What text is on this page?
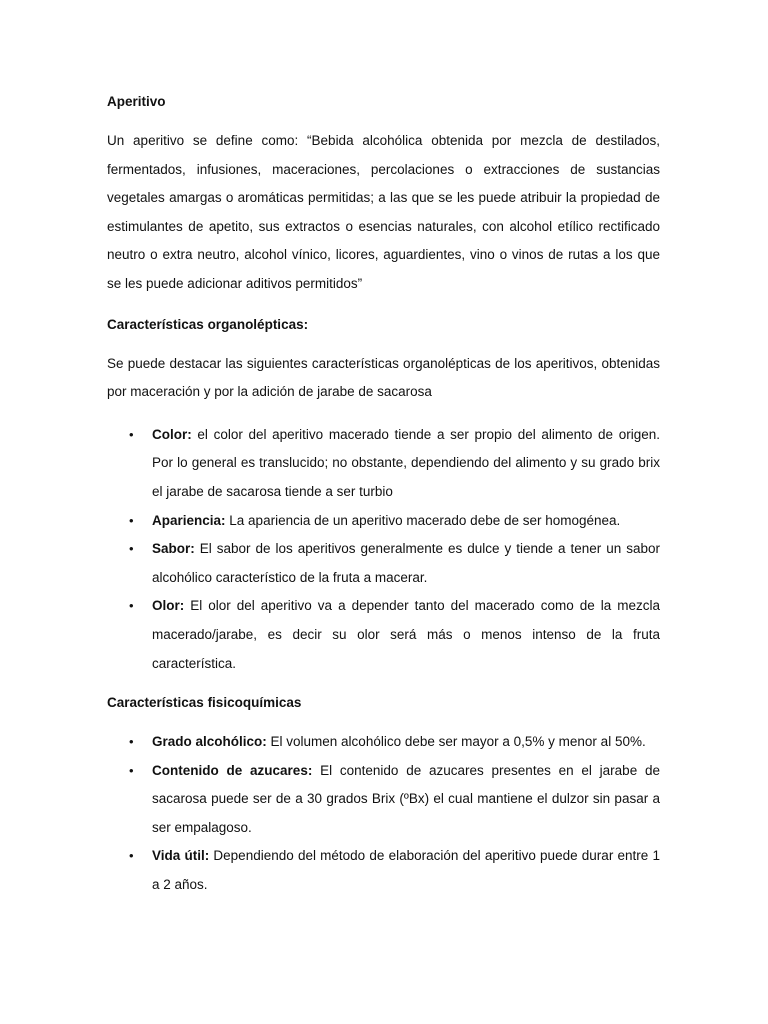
Aperitivo

Un aperitivo se define como: “Bebida alcohólica obtenida por mezcla de destilados, fermentados, infusiones, maceraciones, percolaciones o extracciones de sustancias vegetales amargas o aromáticas permitidas; a las que se les puede atribuir la propiedad de estimulantes de apetito, sus extractos o esencias naturales, con alcohol etílico rectificado neutro o extra neutro, alcohol vínico, licores, aguardientes, vino o vinos de rutas a los que se les puede adicionar aditivos permitidos”

Características organolépticas:

Se puede destacar las siguientes características organolépticas de los aperitivos, obtenidas por maceración y por la adición de jarabe de sacarosa

• Color: el color del aperitivo macerado tiende a ser propio del alimento de origen. Por lo general es translucido; no obstante, dependiendo del alimento y su grado brix el jarabe de sacarosa tiende a ser turbio
• Apariencia: La apariencia de un aperitivo macerado debe de ser homogénea.
• Sabor: El sabor de los aperitivos generalmente es dulce y tiende a tener un sabor alcohólico característico de la fruta a macerar.
• Olor: El olor del aperitivo va a depender tanto del macerado como de la mezcla macerado/jarabe, es decir su olor será más o menos intenso de la fruta característica.

Características fisicoquímicas

• Grado alcohólico: El volumen alcohólico debe ser mayor a 0,5% y menor al 50%.
• Contenido de azucares: El contenido de azucares presentes en el jarabe de sacarosa puede ser de a 30 grados Brix (ºBx) el cual mantiene el dulzor sin pasar a ser empalagoso.
• Vida útil: Dependiendo del método de elaboración del aperitivo puede durar entre 1 a 2 años.
